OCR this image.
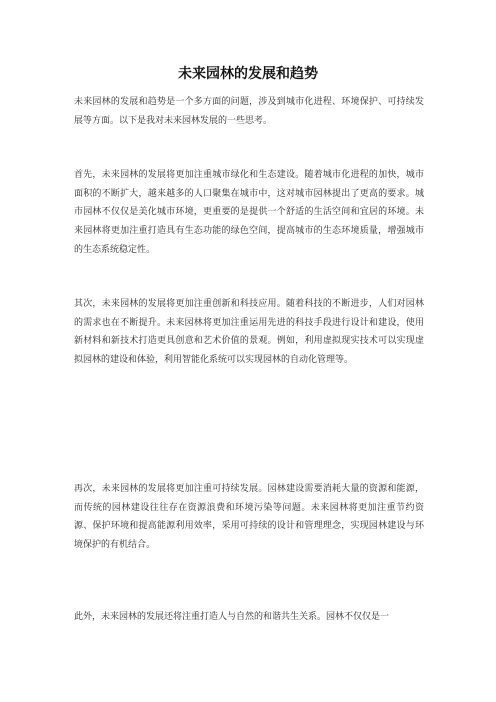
未来园林的发展和趋势

未来园林的发展和趋势是一个多方面的问题，涉及到城市化进程、环境保护、可持续发展等方面。以下是我对未来园林发展的一些思考。

首先，未来园林的发展将更加注重城市绿化和生态建设。随着城市化进程的加快，城市面积的不断扩大，越来越多的人口聚集在城市中，这对城市园林提出了更高的要求。城市园林不仅仅是美化城市环境，更重要的是提供一个舒适的生活空间和宜居的环境。未来园林将更加注重打造具有生态功能的绿色空间，提高城市的生态环境质量，增强城市的生态系统稳定性。

其次，未来园林的发展将更加注重创新和科技应用。随着科技的不断进步，人们对园林的需求也在不断提升。未来园林将更加注重运用先进的科技手段进行设计和建设，使用新材料和新技术打造更具创意和艺术价值的景观。例如，利用虚拟现实技术可以实现虚拟园林的建设和体验，利用智能化系统可以实现园林的自动化管理等。

再次，未来园林的发展将更加注重可持续发展。园林建设需要消耗大量的资源和能源，而传统的园林建设往往存在资源浪费和环境污染等问题。未来园林将更加注重节约资源、保护环境和提高能源利用效率，采用可持续的设计和管理理念，实现园林建设与环境保护的有机结合。

此外，未来园林的发展还将注重打造人与自然的和谐共生关系。园林不仅仅是一
